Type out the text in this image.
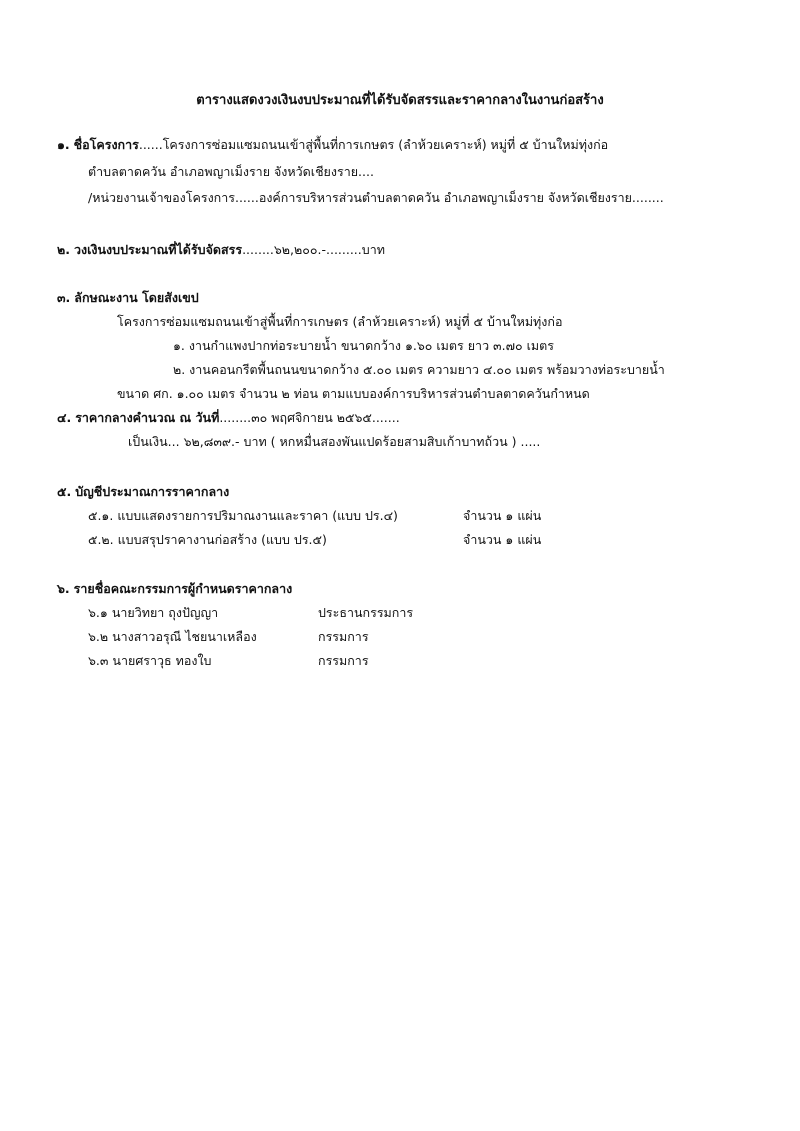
ตารางแสดงวงเงินงบประมาณที่ได้รับจัดสรรและราคากลางในงานก่อสร้าง
๑. ชื่อโครงการ......โครงการซ่อมแซมถนนเข้าสู่พื้นที่การเกษตร (ลำห้วยเคราะห์) หมู่ที่ ๕ บ้านใหม่ทุ่งก่อ
ตำบลตาดควัน อำเภอพญาเม็งราย จังหวัดเชียงราย....
/หน่วยงานเจ้าของโครงการ......องค์การบริหารส่วนตำบลตาดควัน อำเภอพญาเม็งราย จังหวัดเชียงราย........
๒. วงเงินงบประมาณที่ได้รับจัดสรร........๖๒,๒๐๐.-.........บาท
๓. ลักษณะงาน โดยสังเขป
โครงการซ่อมแซมถนนเข้าสู่พื้นที่การเกษตร (ลำห้วยเคราะห์) หมู่ที่ ๕ บ้านใหม่ทุ่งก่อ
๑. งานกำแพงปากท่อระบายน้ำ ขนาดกว้าง ๑.๖๐ เมตร ยาว ๓.๗๐ เมตร
๒. งานคอนกรีตพื้นถนนขนาดกว้าง ๕.๐๐ เมตร ความยาว ๔.๐๐ เมตร พร้อมวางท่อระบายน้ำ
ขนาด ศก. ๑.๐๐ เมตร จำนวน ๒ ท่อน ตามแบบองค์การบริหารส่วนตำบลตาดควันกำหนด
๔. ราคากลางคำนวณ ณ วันที่........๓๐ พฤศจิกายน ๒๕๖๕.......
เป็นเงิน... ๖๒,๘๓๙.- บาท ( หกหมื่นสองพันแปดร้อยสามสิบเก้าบาทถ้วน ) .....
๕. บัญชีประมาณการราคากลาง
๕.๑. แบบแสดงรายการปริมาณงานและราคา (แบบ ปร.๔)	จำนวน ๑ แผ่น
๕.๒. แบบสรุปราคางานก่อสร้าง (แบบ ปร.๕)	จำนวน ๑ แผ่น
๖. รายชื่อคณะกรรมการผู้กำหนดราคากลาง
๖.๑ นายวิทยา ถุงปัญญา	ประธานกรรมการ
๖.๒ นางสาวอรุณี ไชยนาเหลือง	กรรมการ
๖.๓ นายศราวุธ ทองใบ	กรรมการ
